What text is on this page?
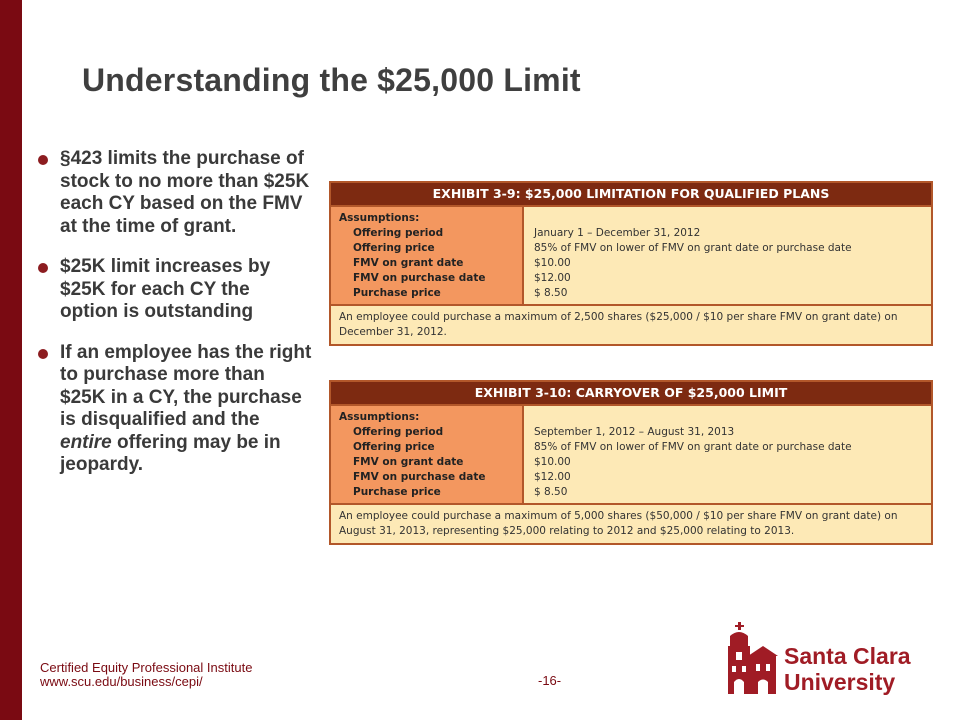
Understanding the $25,000 Limit
§423 limits the purchase of stock to no more than $25K each CY based on the FMV at the time of grant.
$25K limit increases by $25K for each CY the option is outstanding
If an employee has the right to purchase more than $25K in a CY, the purchase is disqualified and the entire offering may be in jeopardy.
EXHIBIT 3-9: $25,000 LIMITATION FOR QUALIFIED PLANS
Assumptions:
Offering period
Offering price
FMV on grant date
FMV on purchase date
Purchase price
January 1 – December 31, 2012
85% of FMV on lower of FMV on grant date or purchase date
$10.00
$12.00
$ 8.50
An employee could purchase a maximum of 2,500 shares ($25,000 / $10 per share FMV on grant date) on December 31, 2012.
EXHIBIT 3-10: CARRYOVER OF $25,000 LIMIT
Assumptions:
Offering period
Offering price
FMV on grant date
FMV on purchase date
Purchase price
September 1, 2012 – August 31, 2013
85% of FMV on lower of FMV on grant date or purchase date
$10.00
$12.00
$ 8.50
An employee could purchase a maximum of 5,000 shares ($50,000 / $10 per share FMV on grant date) on August 31, 2013, representing $25,000 relating to 2012 and $25,000 relating to 2013.
Certified Equity Professional Institute
www.scu.edu/business/cepi/	-16-
Santa Clara
University
